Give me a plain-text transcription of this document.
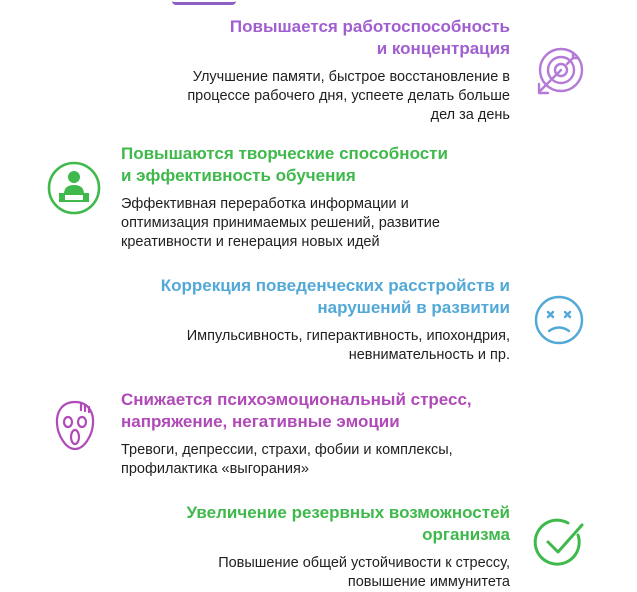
Повышается работоспособность
и концентрация
Улучшение памяти, быстрое восстановление в
процессе рабочего дня, успеете делать больше
дел за день
Повышаются творческие способности
и эффективность обучения
Эффективная переработка информации и
оптимизация принимаемых решений, развитие
креативности и генерация новых идей
Коррекция поведенческих расстройств и
нарушений в развитии
Импульсивность, гиперактивность, ипохондрия,
невнимательность и пр.
Снижается психоэмоциональный стресс,
напряжение, негативные эмоции
Тревоги, депрессии, страхи, фобии и комплексы,
профилактика «выгорания»
Увеличение резервных возможностей
организма
Повышение общей устойчивости к стрессу,
повышение иммунитета
